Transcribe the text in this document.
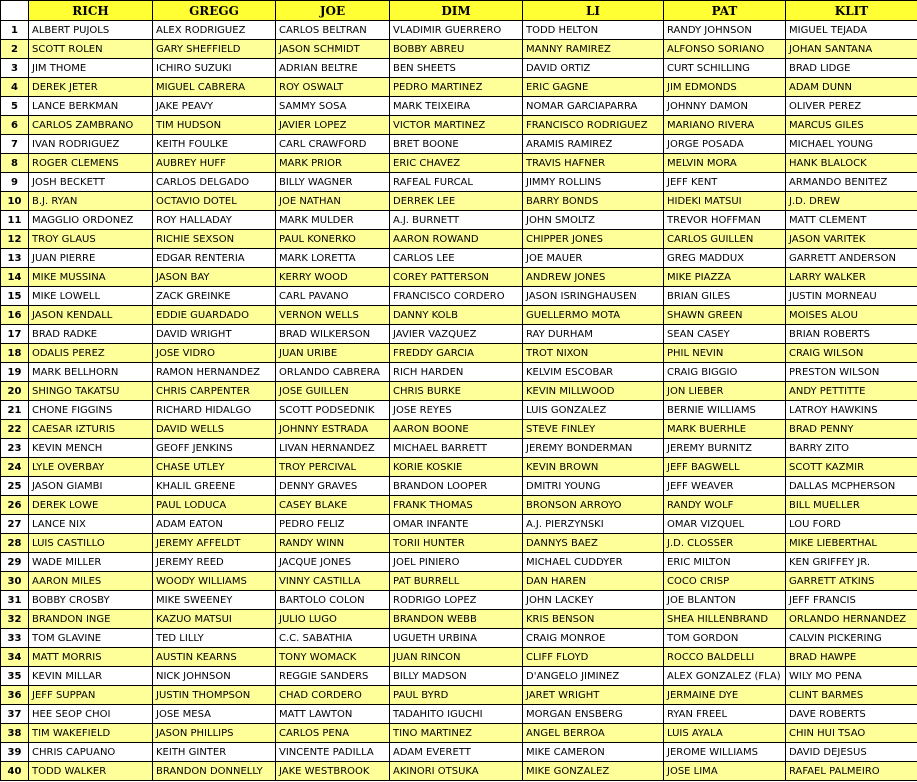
	RICH	GREGG	JOE	DIM	LI	PAT	KLIT
1	ALBERT PUJOLS	ALEX RODRIGUEZ	CARLOS BELTRAN	VLADIMIR GUERRERO	TODD HELTON	RANDY JOHNSON	MIGUEL TEJADA
2	SCOTT ROLEN	GARY SHEFFIELD	JASON SCHMIDT	BOBBY ABREU	MANNY RAMIREZ	ALFONSO SORIANO	JOHAN SANTANA
3	JIM THOME	ICHIRO SUZUKI	ADRIAN BELTRE	BEN SHEETS	DAVID ORTIZ	CURT SCHILLING	BRAD LIDGE
4	DEREK JETER	MIGUEL CABRERA	ROY OSWALT	PEDRO MARTINEZ	ERIC GAGNE	JIM EDMONDS	ADAM DUNN
5	LANCE BERKMAN	JAKE PEAVY	SAMMY SOSA	MARK TEIXEIRA	NOMAR GARCIAPARRA	JOHNNY DAMON	OLIVER PEREZ
6	CARLOS ZAMBRANO	TIM HUDSON	JAVIER LOPEZ	VICTOR MARTINEZ	FRANCISCO RODRIGUEZ	MARIANO RIVERA	MARCUS GILES
7	IVAN RODRIGUEZ	KEITH FOULKE	CARL CRAWFORD	BRET BOONE	ARAMIS RAMIREZ	JORGE POSADA	MICHAEL YOUNG
8	ROGER CLEMENS	AUBREY HUFF	MARK PRIOR	ERIC CHAVEZ	TRAVIS HAFNER	MELVIN MORA	HANK BLALOCK
9	JOSH BECKETT	CARLOS DELGADO	BILLY WAGNER	RAFEAL FURCAL	JIMMY ROLLINS	JEFF KENT	ARMANDO BENITEZ
10	B.J. RYAN	OCTAVIO DOTEL	JOE NATHAN	DERREK LEE	BARRY BONDS	HIDEKI MATSUI	J.D. DREW
11	MAGGLIO ORDONEZ	ROY HALLADAY	MARK MULDER	A.J. BURNETT	JOHN SMOLTZ	TREVOR HOFFMAN	MATT CLEMENT
12	TROY GLAUS	RICHIE SEXSON	PAUL KONERKO	AARON ROWAND	CHIPPER JONES	CARLOS GUILLEN	JASON VARITEK
13	JUAN PIERRE	EDGAR RENTERIA	MARK LORETTA	CARLOS LEE	JOE MAUER	GREG MADDUX	GARRETT ANDERSON
14	MIKE MUSSINA	JASON BAY	KERRY WOOD	COREY PATTERSON	ANDREW JONES	MIKE PIAZZA	LARRY WALKER
15	MIKE LOWELL	ZACK GREINKE	CARL PAVANO	FRANCISCO CORDERO	JASON ISRINGHAUSEN	BRIAN GILES	JUSTIN MORNEAU
16	JASON KENDALL	EDDIE GUARDADO	VERNON WELLS	DANNY KOLB	GUELLERMO MOTA	SHAWN GREEN	MOISES ALOU
17	BRAD RADKE	DAVID WRIGHT	BRAD WILKERSON	JAVIER VAZQUEZ	RAY DURHAM	SEAN CASEY	BRIAN ROBERTS
18	ODALIS PEREZ	JOSE VIDRO	JUAN URIBE	FREDDY GARCIA	TROT NIXON	PHIL NEVIN	CRAIG WILSON
19	MARK BELLHORN	RAMON HERNANDEZ	ORLANDO CABRERA	RICH HARDEN	KELVIM ESCOBAR	CRAIG BIGGIO	PRESTON WILSON
20	SHINGO TAKATSU	CHRIS CARPENTER	JOSE GUILLEN	CHRIS BURKE	KEVIN MILLWOOD	JON LIEBER	ANDY PETTITTE
21	CHONE FIGGINS	RICHARD HIDALGO	SCOTT PODSEDNIK	JOSE REYES	LUIS GONZALEZ	BERNIE WILLIAMS	LATROY HAWKINS
22	CAESAR IZTURIS	DAVID WELLS	JOHNNY ESTRADA	AARON BOONE	STEVE FINLEY	MARK BUERHLE	BRAD PENNY
23	KEVIN MENCH	GEOFF JENKINS	LIVAN HERNANDEZ	MICHAEL BARRETT	JEREMY BONDERMAN	JEREMY BURNITZ	BARRY ZITO
24	LYLE OVERBAY	CHASE UTLEY	TROY PERCIVAL	KORIE KOSKIE	KEVIN BROWN	JEFF BAGWELL	SCOTT KAZMIR
25	JASON GIAMBI	KHALIL GREENE	DENNY GRAVES	BRANDON LOOPER	DMITRI YOUNG	JEFF WEAVER	DALLAS MCPHERSON
26	DEREK LOWE	PAUL LODUCA	CASEY BLAKE	FRANK THOMAS	BRONSON ARROYO	RANDY WOLF	BILL MUELLER
27	LANCE NIX	ADAM EATON	PEDRO FELIZ	OMAR INFANTE	A.J. PIERZYNSKI	OMAR VIZQUEL	LOU FORD
28	LUIS CASTILLO	JEREMY AFFELDT	RANDY WINN	TORII HUNTER	DANNYS BAEZ	J.D. CLOSSER	MIKE LIEBERTHAL
29	WADE MILLER	JEREMY REED	JACQUE JONES	JOEL PINIERO	MICHAEL CUDDYER	ERIC MILTON	KEN GRIFFEY JR.
30	AARON MILES	WOODY WILLIAMS	VINNY CASTILLA	PAT BURRELL	DAN HAREN	COCO CRISP	GARRETT ATKINS
31	BOBBY CROSBY	MIKE SWEENEY	BARTOLO COLON	RODRIGO LOPEZ	JOHN LACKEY	JOE BLANTON	JEFF FRANCIS
32	BRANDON INGE	KAZUO MATSUI	JULIO LUGO	BRANDON WEBB	KRIS BENSON	SHEA HILLENBRAND	ORLANDO HERNANDEZ
33	TOM GLAVINE	TED LILLY	C.C. SABATHIA	UGUETH URBINA	CRAIG MONROE	TOM GORDON	CALVIN PICKERING
34	MATT MORRIS	AUSTIN KEARNS	TONY WOMACK	JUAN RINCON	CLIFF FLOYD	ROCCO BALDELLI	BRAD HAWPE
35	KEVIN MILLAR	NICK JOHNSON	REGGIE SANDERS	BILLY MADSON	D'ANGELO JIMINEZ	ALEX GONZALEZ (FLA)	WILY MO PENA
36	JEFF SUPPAN	JUSTIN THOMPSON	CHAD CORDERO	PAUL BYRD	JARET WRIGHT	JERMAINE DYE	CLINT BARMES
37	HEE SEOP CHOI	JOSE MESA	MATT LAWTON	TADAHITO IGUCHI	MORGAN ENSBERG	RYAN FREEL	DAVE ROBERTS
38	TIM WAKEFIELD	JASON PHILLIPS	CARLOS PENA	TINO MARTINEZ	ANGEL BERROA	LUIS AYALA	CHIN HUI TSAO
39	CHRIS CAPUANO	KEITH GINTER	VINCENTE PADILLA	ADAM EVERETT	MIKE CAMERON	JEROME WILLIAMS	DAVID DEJESUS
40	TODD WALKER	BRANDON DONNELLY	JAKE WESTBROOK	AKINORI OTSUKA	MIKE GONZALEZ	JOSE LIMA	RAFAEL PALMEIRO
